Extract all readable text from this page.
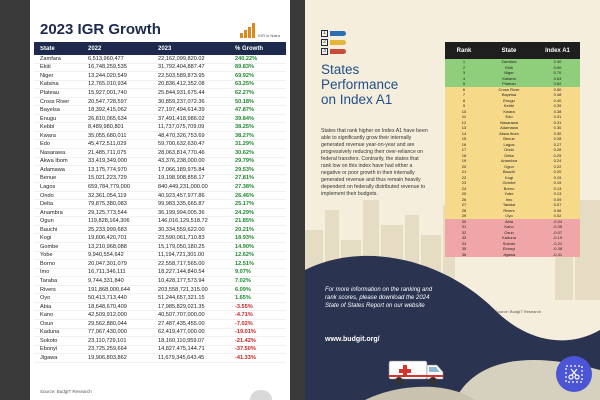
2023 IGR Growth	IGR in Naira
State	2022	2023	% Growth
Zamfara	6,513,960,477	22,162,099,820.02	240.22%
Ekiti	16,748,259,535	31,792,404,887.47	89.83%
Niger	13,244,020,549	22,503,589,873.95	69.92%
Katsina	12,765,010,934	20,836,412,352.08	63.25%
Plateau	15,927,001,740	25,844,931,675.44	62.27%
Cross River	20,547,728,597	30,859,237,072.36	50.18%
Bayelsa	18,392,415,062	27,197,494,614.39	47.87%
Enugu	26,810,065,634	37,491,418,986.02	39.84%
Kebbi	8,489,980,801	11,737,075,709.09	38.25%
Kwara	35,055,680,011	48,470,326,753.69	38.27%
Edo	45,472,511,029	59,700,632,630.47	31.29%
Nasarawa	21,485,711,075	28,063,814,770.46	30.62%
Akwa Ibom	33,419,349,000	43,376,238,000.00	29.79%
Adamawa	13,175,774,970	17,066,189,975.84	29.53%
Benue	15,021,223,729	19,198,908,858.17	27.81%
Lagos	659,784,779,000	840,449,231,000.00	27.38%
Ondo	32,361,054,119	40,923,457,977.86	26.46%
Delta	79,875,380,083	99,983,335,665.87	25.17%
Anambra	29,125,773,544	36,199,994,005.36	24.29%
Ogun	119,828,164,306	146,016,129,518.72	21.85%
Bauchi	25,233,999,683	30,334,559,622.00	20.21%
Kogi	19,606,420,701	23,590,061,710.83	18.93%
Gombe	13,210,968,088	15,179,050,180.25	14.90%
Yobe	9,940,554,642	11,194,721,301.00	12.62%
Borno	20,047,301,079	22,558,717,565.00	12.51%
Imo	16,711,346,111	18,227,144,840.54	9.07%
Taraba	9,744,331,840	10,428,177,573.94	7.02%
Rivers	191,868,000,644	203,558,721,315.00	6.09%
Oyo	50,413,713,440	51,244,657,321.15	1.65%
Abia	18,648,670,409	17,985,829,021.35	-3.55%
Kano	42,509,912,000	40,507,707,000.00	-4.71%
Osun	29,562,880,044	27,487,435,455.00	-7.02%
Kaduna	77,067,430,000	62,419,477,000.00	-19.01%
Sokoto	23,110,729,101	18,160,110,959.07	-21.42%
Ebonyi	23,725,259,664	14,827,475,144.71	-37.50%
Jigawa	19,906,803,862	11,679,345,643.45	-41.33%
Source: BudgIT Research
1
2
3
States
Performance
on Index A1
States that rank higher on Index A1 have been able to significantly grow their internally generated revenue year-on-year and are progressively reducing their over-reliance on federal transfers. Contrarily, the states that rank low on this index have had either a negative or poor growth in their internally generated revenue and thus remain heavily dependent on federally distributed revenue to implement their budgets.
For more information on the ranking and rank scores, please download the 2024 State of States Report on our website
www.budgit.org/
Rank	State	Index A1
1	Zamfara	2.40
2	Ekiti	0.90
3	Niger	0.70
4	Katsina	0.63
5	Plateau	0.62
6	Cross River	0.50
7	Bayelsa	0.48
8	Enugu	0.40
9	Kebbi	0.39
10	Kwara	0.38
11	Edo	0.31
12	Nasarawa	0.31
13	Adamawa	0.30
14	Akwa Ibom	0.30
15	Benue	0.28
16	Lagos	0.27
17	Ondo	0.26
18	Delta	0.25
19	Anambra	0.24
20	Ogun	0.22
21	Bauchi	0.20
22	Kogi	0.19
23	Gombe	0.15
24	Borno	0.13
25	Yobe	0.13
26	Imo	0.09
27	Taraba	0.07
28	Rivers	0.06
29	Oyo	0.02
30	Abia	-0.04
31	Kano	-0.05
32	Osun	-0.07
33	Kaduna	-0.19
34	Sokoto	-0.21
35	Ebonyi	-0.38
36	Jigawa	-0.41
Source: BudgIT Research
